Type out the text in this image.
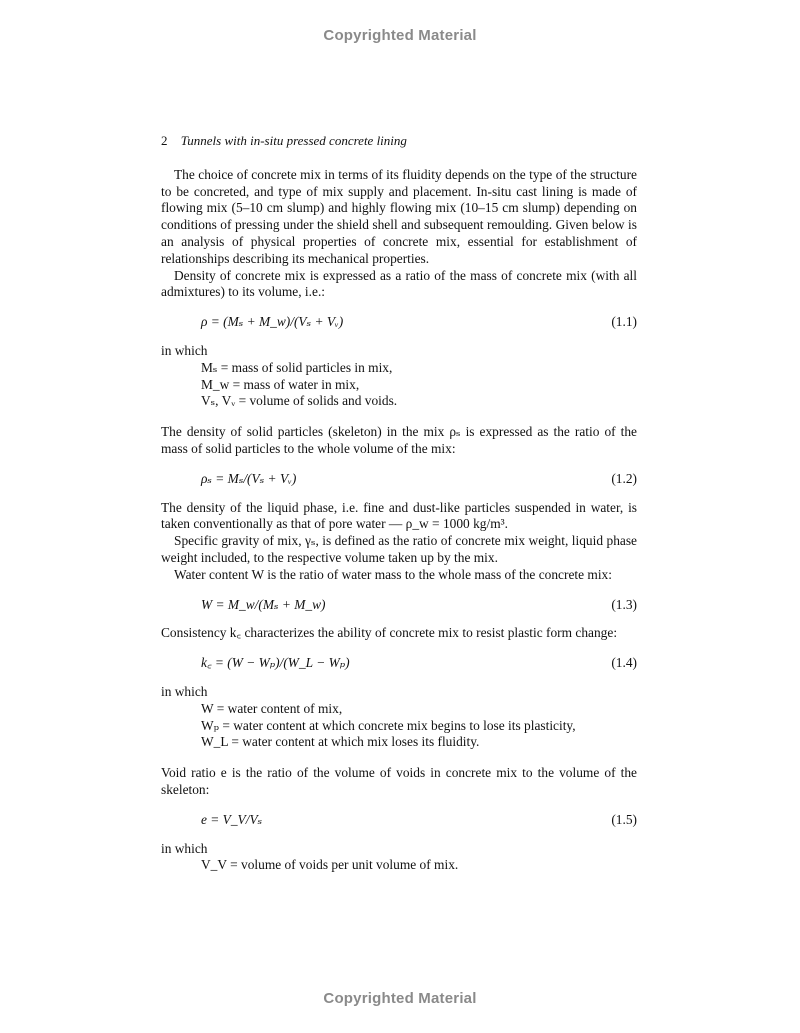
Copyrighted Material
2 Tunnels with in-situ pressed concrete lining

The choice of concrete mix in terms of its fluidity depends on the type of the structure to be concreted, and type of mix supply and placement. In-situ cast lining is made of flowing mix (5–10 cm slump) and highly flowing mix (10–15 cm slump) depending on conditions of pressing under the shield shell and subsequent remoulding. Given below is an analysis of physical properties of concrete mix, essential for establishment of relationships describing its mechanical properties.

Density of concrete mix is expressed as a ratio of the mass of concrete mix (with all admixtures) to its volume, i.e.:

ρ = (Mₛ + M_w)/(Vₛ + Vᵥ)	(1.1)
in which
Mₛ = mass of solid particles in mix,
M_w = mass of water in mix,
Vₛ, Vᵥ = volume of solids and voids.

The density of solid particles (skeleton) in the mix ρₛ is expressed as the ratio of the mass of solid particles to the whole volume of the mix:

ρₛ = Mₛ/(Vₛ + Vᵥ)	(1.2)

The density of the liquid phase, i.e. fine and dust-like particles suspended in water, is taken conventionally as that of pore water — ρ_w = 1000 kg/m³.

Specific gravity of mix, γₛ, is defined as the ratio of concrete mix weight, liquid phase weight included, to the respective volume taken up by the mix.

Water content W is the ratio of water mass to the whole mass of the concrete mix:

W = M_w/(Mₛ + M_w)	(1.3)

Consistency k꜀ characterizes the ability of concrete mix to resist plastic form change:

k꜀ = (W − Wₚ)/(W_L − Wₚ)	(1.4)
in which
W = water content of mix,
Wₚ = water content at which concrete mix begins to lose its plasticity,
W_L = water content at which mix loses its fluidity.

Void ratio e is the ratio of the volume of voids in concrete mix to the volume of the skeleton:

e = V_V/Vₛ	(1.5)
in which
V_V = volume of voids per unit volume of mix.
Copyrighted Material
